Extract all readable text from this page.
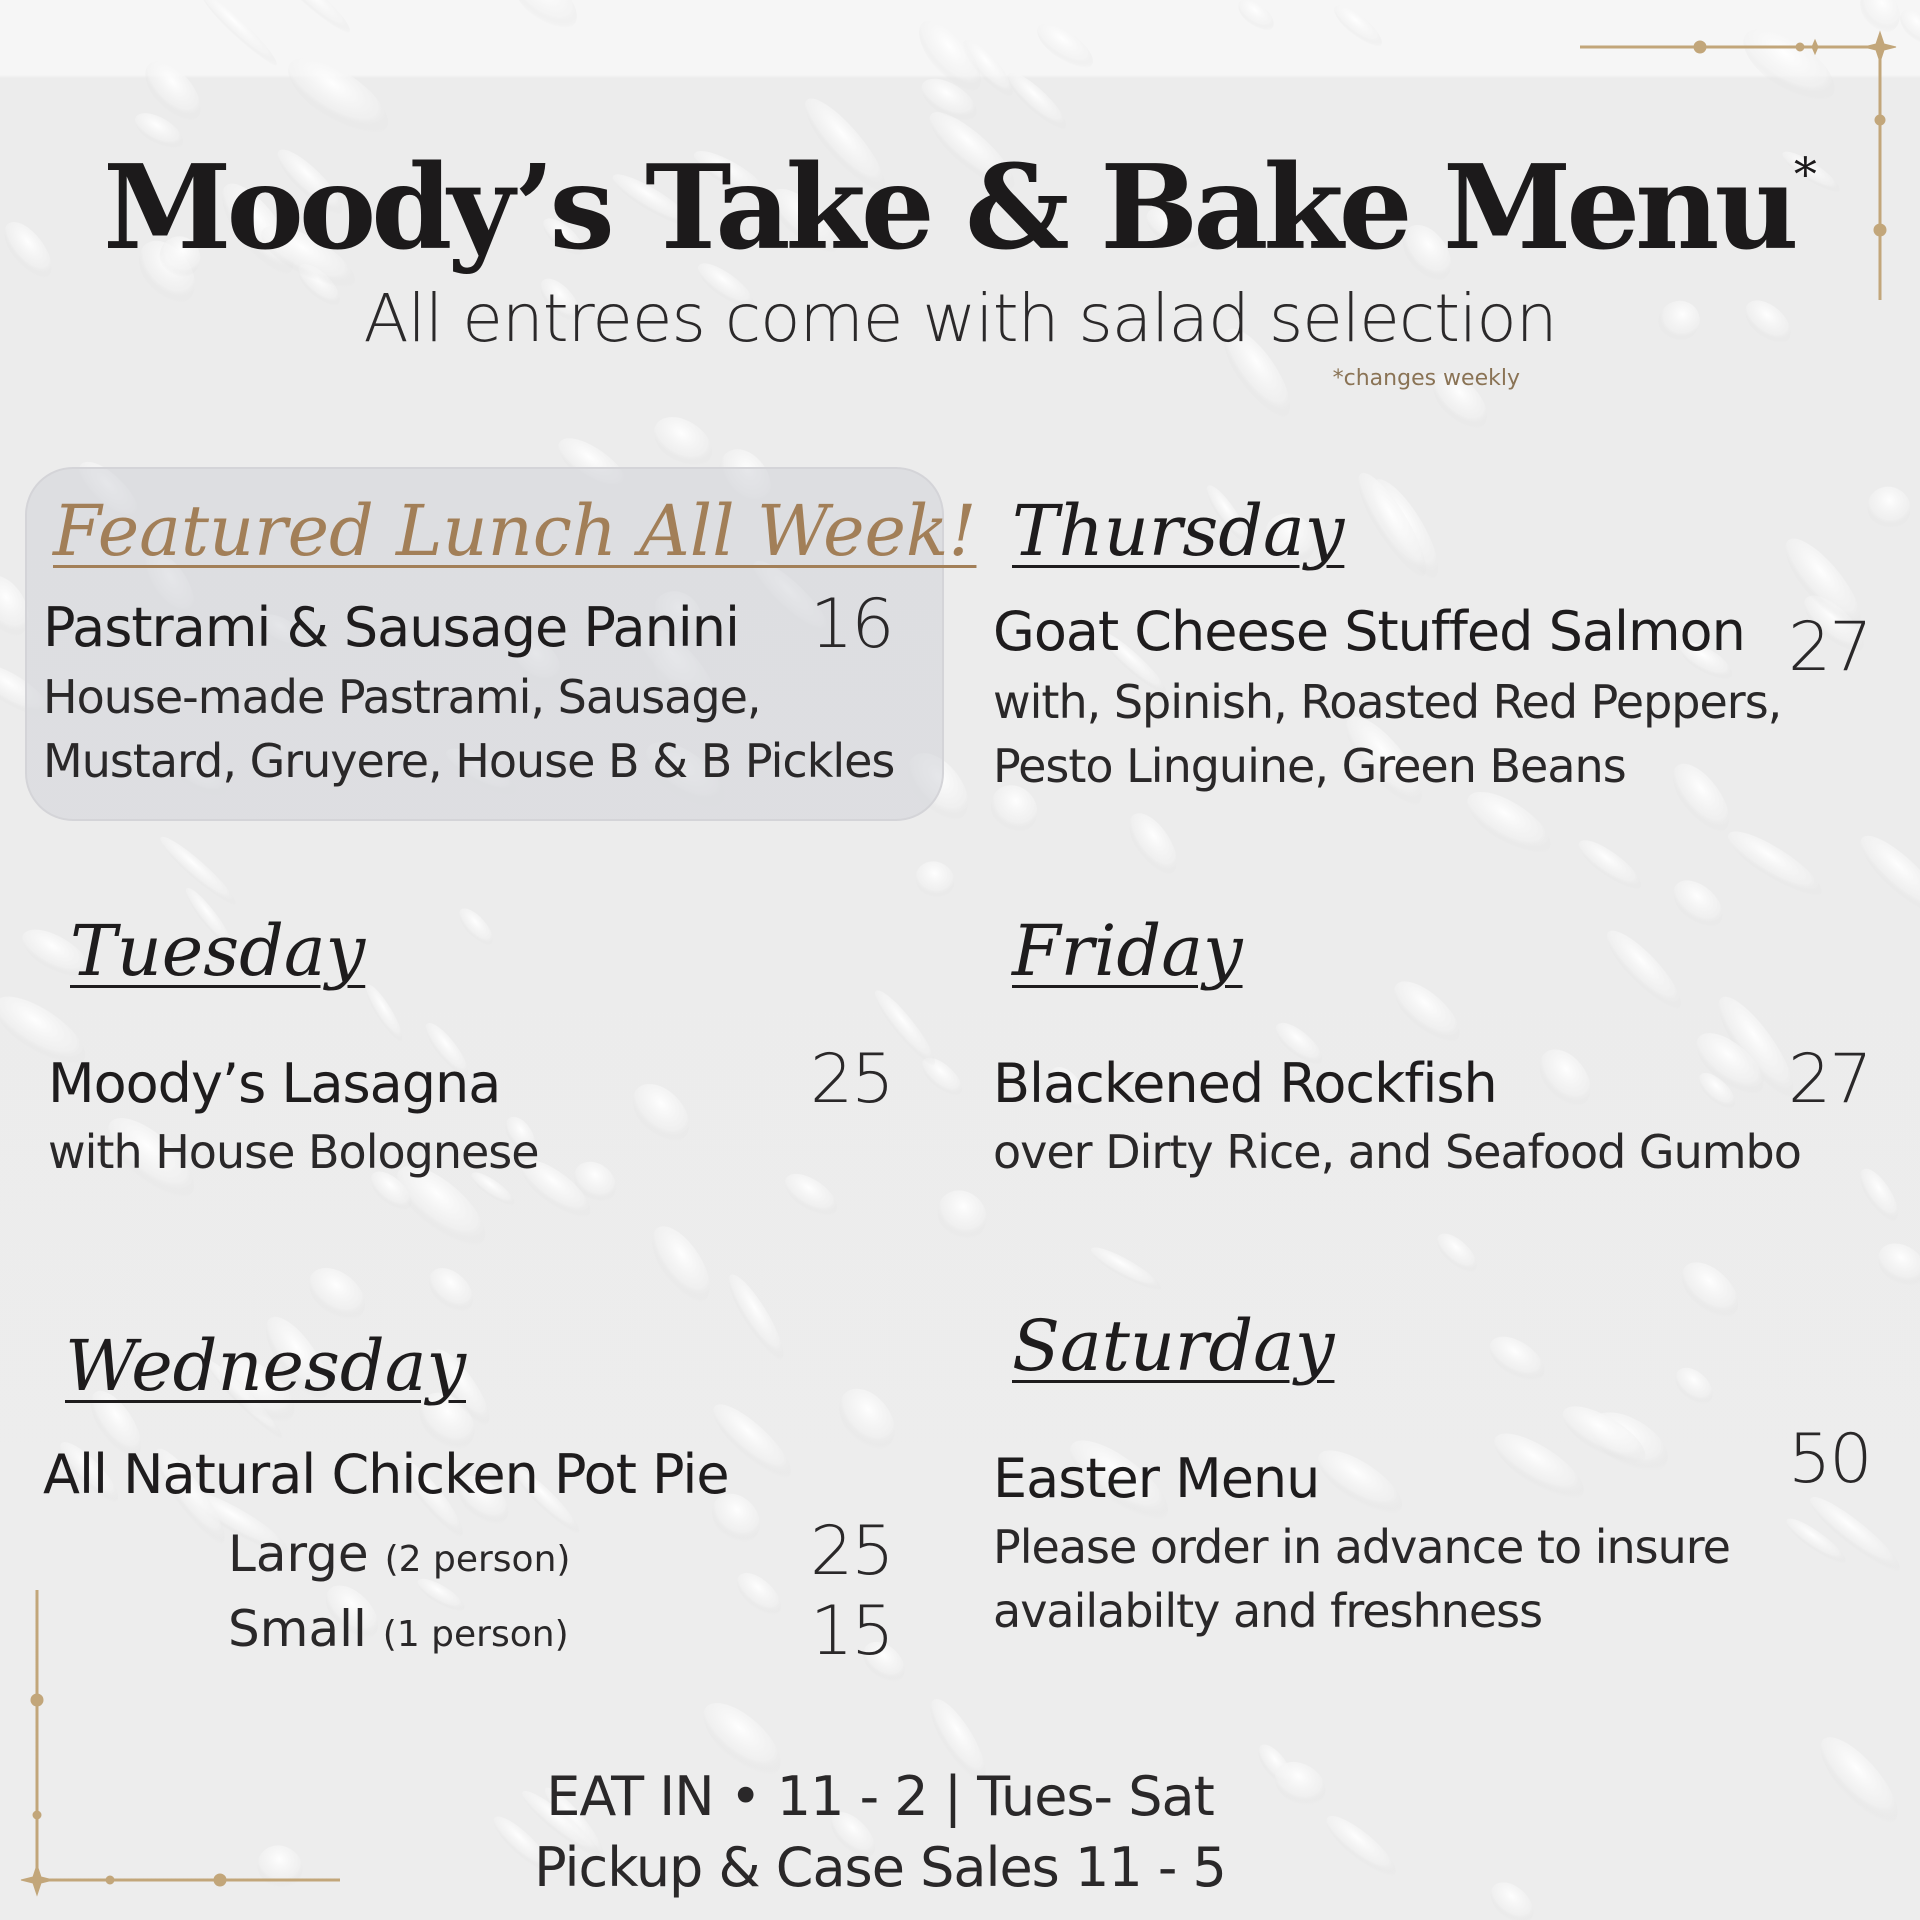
Moody’s Take & Bake Menu*
All entrees come with salad selection
*changes weekly
Featured Lunch All Week!
Pastrami & Sausage Panini 16
House-made Pastrami, Sausage,
Mustard, Gruyere, House B & B Pickles
Thursday
Goat Cheese Stuffed Salmon 27
with, Spinish, Roasted Red Peppers,
Pesto Linguine, Green Beans
Tuesday
Moody’s Lasagna	25
with House Bolognese
Friday
Blackened Rockfish	27
over Dirty Rice, and Seafood Gumbo
Wednesday
All Natural Chicken Pot Pie
Large (2 person)	25
Small (1 person)	15
Saturday
Easter Menu	50
Please order in advance to insure
availabilty and freshness
EAT IN • 11 - 2 | Tues- Sat
Pickup & Case Sales 11 - 5
